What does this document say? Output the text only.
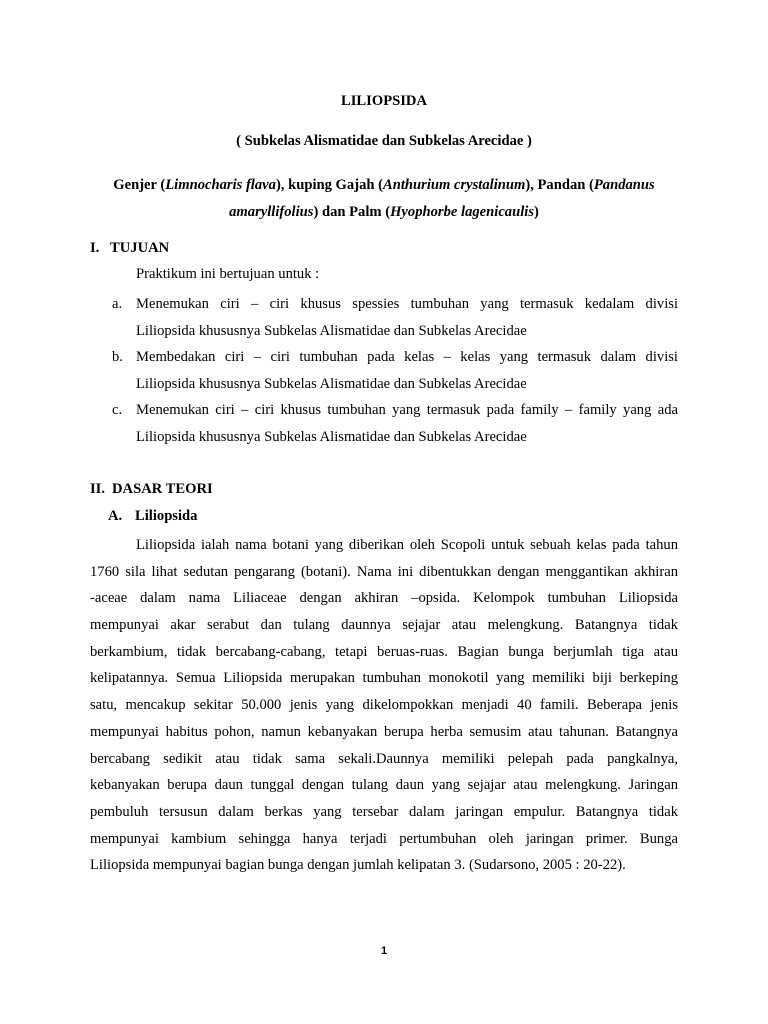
LILIOPSIDA
( Subkelas Alismatidae dan Subkelas Arecidae )
Genjer (Limnocharis flava), kuping Gajah (Anthurium crystalinum), Pandan (Pandanus
amaryllifolius) dan Palm (Hyophorbe lagenicaulis)
I. TUJUAN
Praktikum ini bertujuan untuk :
a. Menemukan ciri – ciri khusus spessies tumbuhan yang termasuk kedalam divisi
Liliopsida khususnya Subkelas Alismatidae dan Subkelas Arecidae
b. Membedakan ciri – ciri tumbuhan pada kelas – kelas yang termasuk dalam divisi
Liliopsida khususnya Subkelas Alismatidae dan Subkelas Arecidae
c. Menemukan ciri – ciri khusus tumbuhan yang termasuk pada family – family yang ada
Liliopsida khususnya Subkelas Alismatidae dan Subkelas Arecidae
II. DASAR TEORI
A. Liliopsida
Liliopsida ialah nama botani yang diberikan oleh Scopoli untuk sebuah kelas pada tahun
1760 sila lihat sedutan pengarang (botani). Nama ini dibentukkan dengan menggantikan akhiran
-aceae dalam nama Liliaceae dengan akhiran –opsida. Kelompok tumbuhan Liliopsida
mempunyai akar serabut dan tulang daunnya sejajar atau melengkung. Batangnya tidak
berkambium, tidak bercabang-cabang, tetapi beruas-ruas. Bagian bunga berjumlah tiga atau
kelipatannya. Semua Liliopsida merupakan tumbuhan monokotil yang memiliki biji berkeping
satu, mencakup sekitar 50.000 jenis yang dikelompokkan menjadi 40 famili. Beberapa jenis
mempunyai habitus pohon, namun kebanyakan berupa herba semusim atau tahunan. Batangnya
bercabang sedikit atau tidak sama sekali.Daunnya memiliki pelepah pada pangkalnya,
kebanyakan berupa daun tunggal dengan tulang daun yang sejajar atau melengkung. Jaringan
pembuluh tersusun dalam berkas yang tersebar dalam jaringan empulur. Batangnya tidak
mempunyai kambium sehingga hanya terjadi pertumbuhan oleh jaringan primer. Bunga
Liliopsida mempunyai bagian bunga dengan jumlah kelipatan 3. (Sudarsono, 2005 : 20-22).
1
